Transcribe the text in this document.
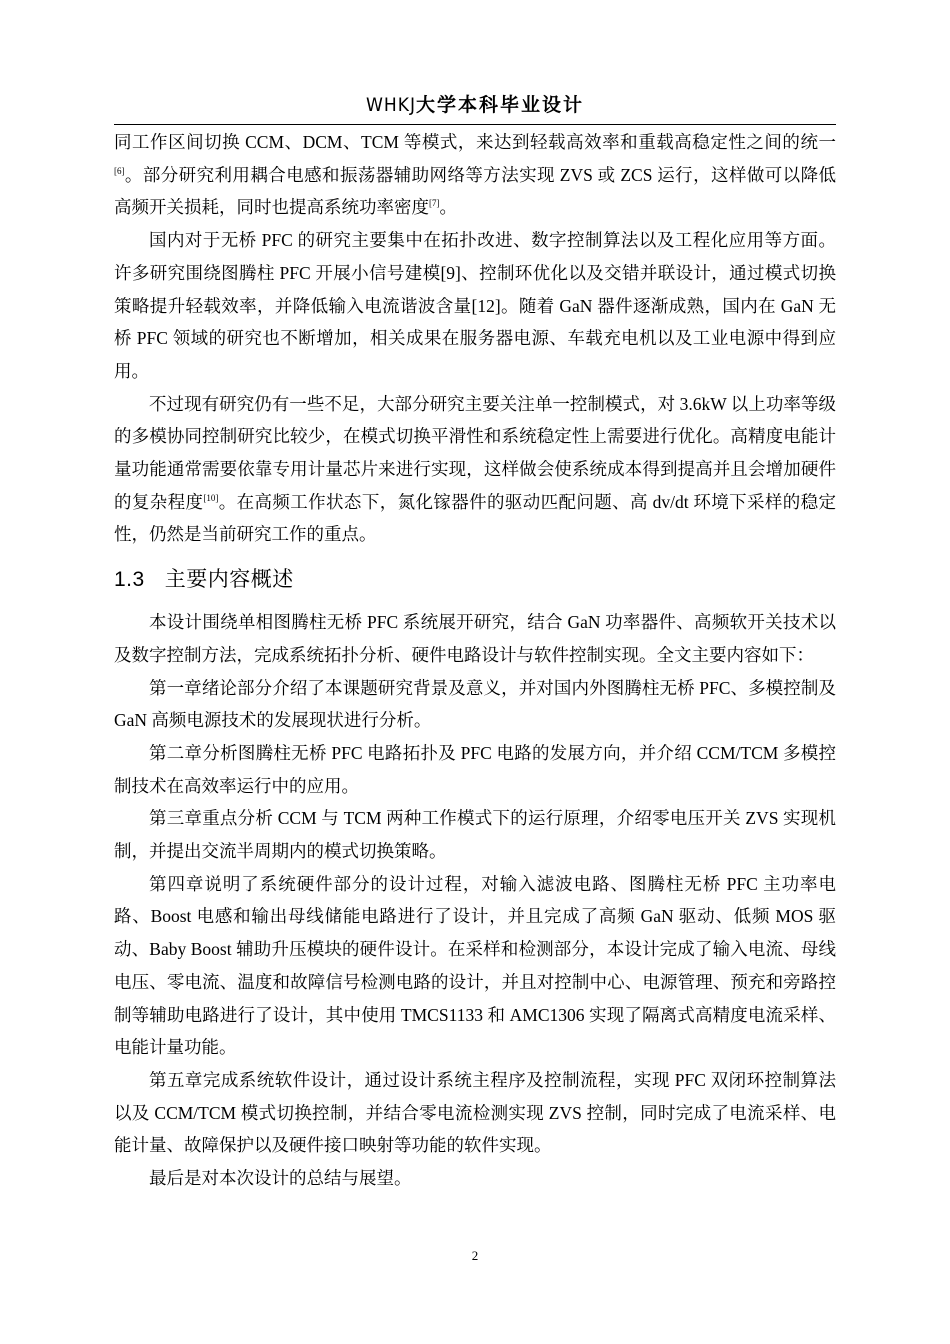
WHKJ大学本科毕业设计

同工作区间切换 CCM、DCM、TCM 等模式，来达到轻载高效率和重载高稳定性之间的统一[6]。部分研究利用耦合电感和振荡器辅助网络等方法实现 ZVS 或 ZCS 运行，这样做可以降低高频开关损耗，同时也提高系统功率密度[7]。

国内对于无桥 PFC 的研究主要集中在拓扑改进、数字控制算法以及工程化应用等方面。许多研究围绕图腾柱 PFC 开展小信号建模[9]、控制环优化以及交错并联设计，通过模式切换策略提升轻载效率，并降低输入电流谐波含量[12]。随着 GaN 器件逐渐成熟，国内在 GaN 无桥 PFC 领域的研究也不断增加，相关成果在服务器电源、车载充电机以及工业电源中得到应用。

不过现有研究仍有一些不足，大部分研究主要关注单一控制模式，对 3.6kW 以上功率等级的多模协同控制研究比较少，在模式切换平滑性和系统稳定性上需要进行优化。高精度电能计量功能通常需要依靠专用计量芯片来进行实现，这样做会使系统成本得到提高并且会增加硬件的复杂程度[10]。在高频工作状态下，氮化镓器件的驱动匹配问题、高 dv/dt 环境下采样的稳定性，仍然是当前研究工作的重点。

1.3 主要内容概述

本设计围绕单相图腾柱无桥 PFC 系统展开研究，结合 GaN 功率器件、高频软开关技术以及数字控制方法，完成系统拓扑分析、硬件电路设计与软件控制实现。全文主要内容如下：

第一章绪论部分介绍了本课题研究背景及意义，并对国内外图腾柱无桥 PFC、多模控制及 GaN 高频电源技术的发展现状进行分析。

第二章分析图腾柱无桥 PFC 电路拓扑及 PFC 电路的发展方向，并介绍 CCM/TCM 多模控制技术在高效率运行中的应用。

第三章重点分析 CCM 与 TCM 两种工作模式下的运行原理，介绍零电压开关 ZVS 实现机制，并提出交流半周期内的模式切换策略。

第四章说明了系统硬件部分的设计过程，对输入滤波电路、图腾柱无桥 PFC 主功率电路、Boost 电感和输出母线储能电路进行了设计，并且完成了高频 GaN 驱动、低频 MOS 驱动、Baby Boost 辅助升压模块的硬件设计。在采样和检测部分，本设计完成了输入电流、母线电压、零电流、温度和故障信号检测电路的设计，并且对控制中心、电源管理、预充和旁路控制等辅助电路进行了设计，其中使用 TMCS1133 和 AMC1306 实现了隔离式高精度电流采样、电能计量功能。

第五章完成系统软件设计，通过设计系统主程序及控制流程，实现 PFC 双闭环控制算法以及 CCM/TCM 模式切换控制，并结合零电流检测实现 ZVS 控制，同时完成了电流采样、电能计量、故障保护以及硬件接口映射等功能的软件实现。

最后是对本次设计的总结与展望。

2
